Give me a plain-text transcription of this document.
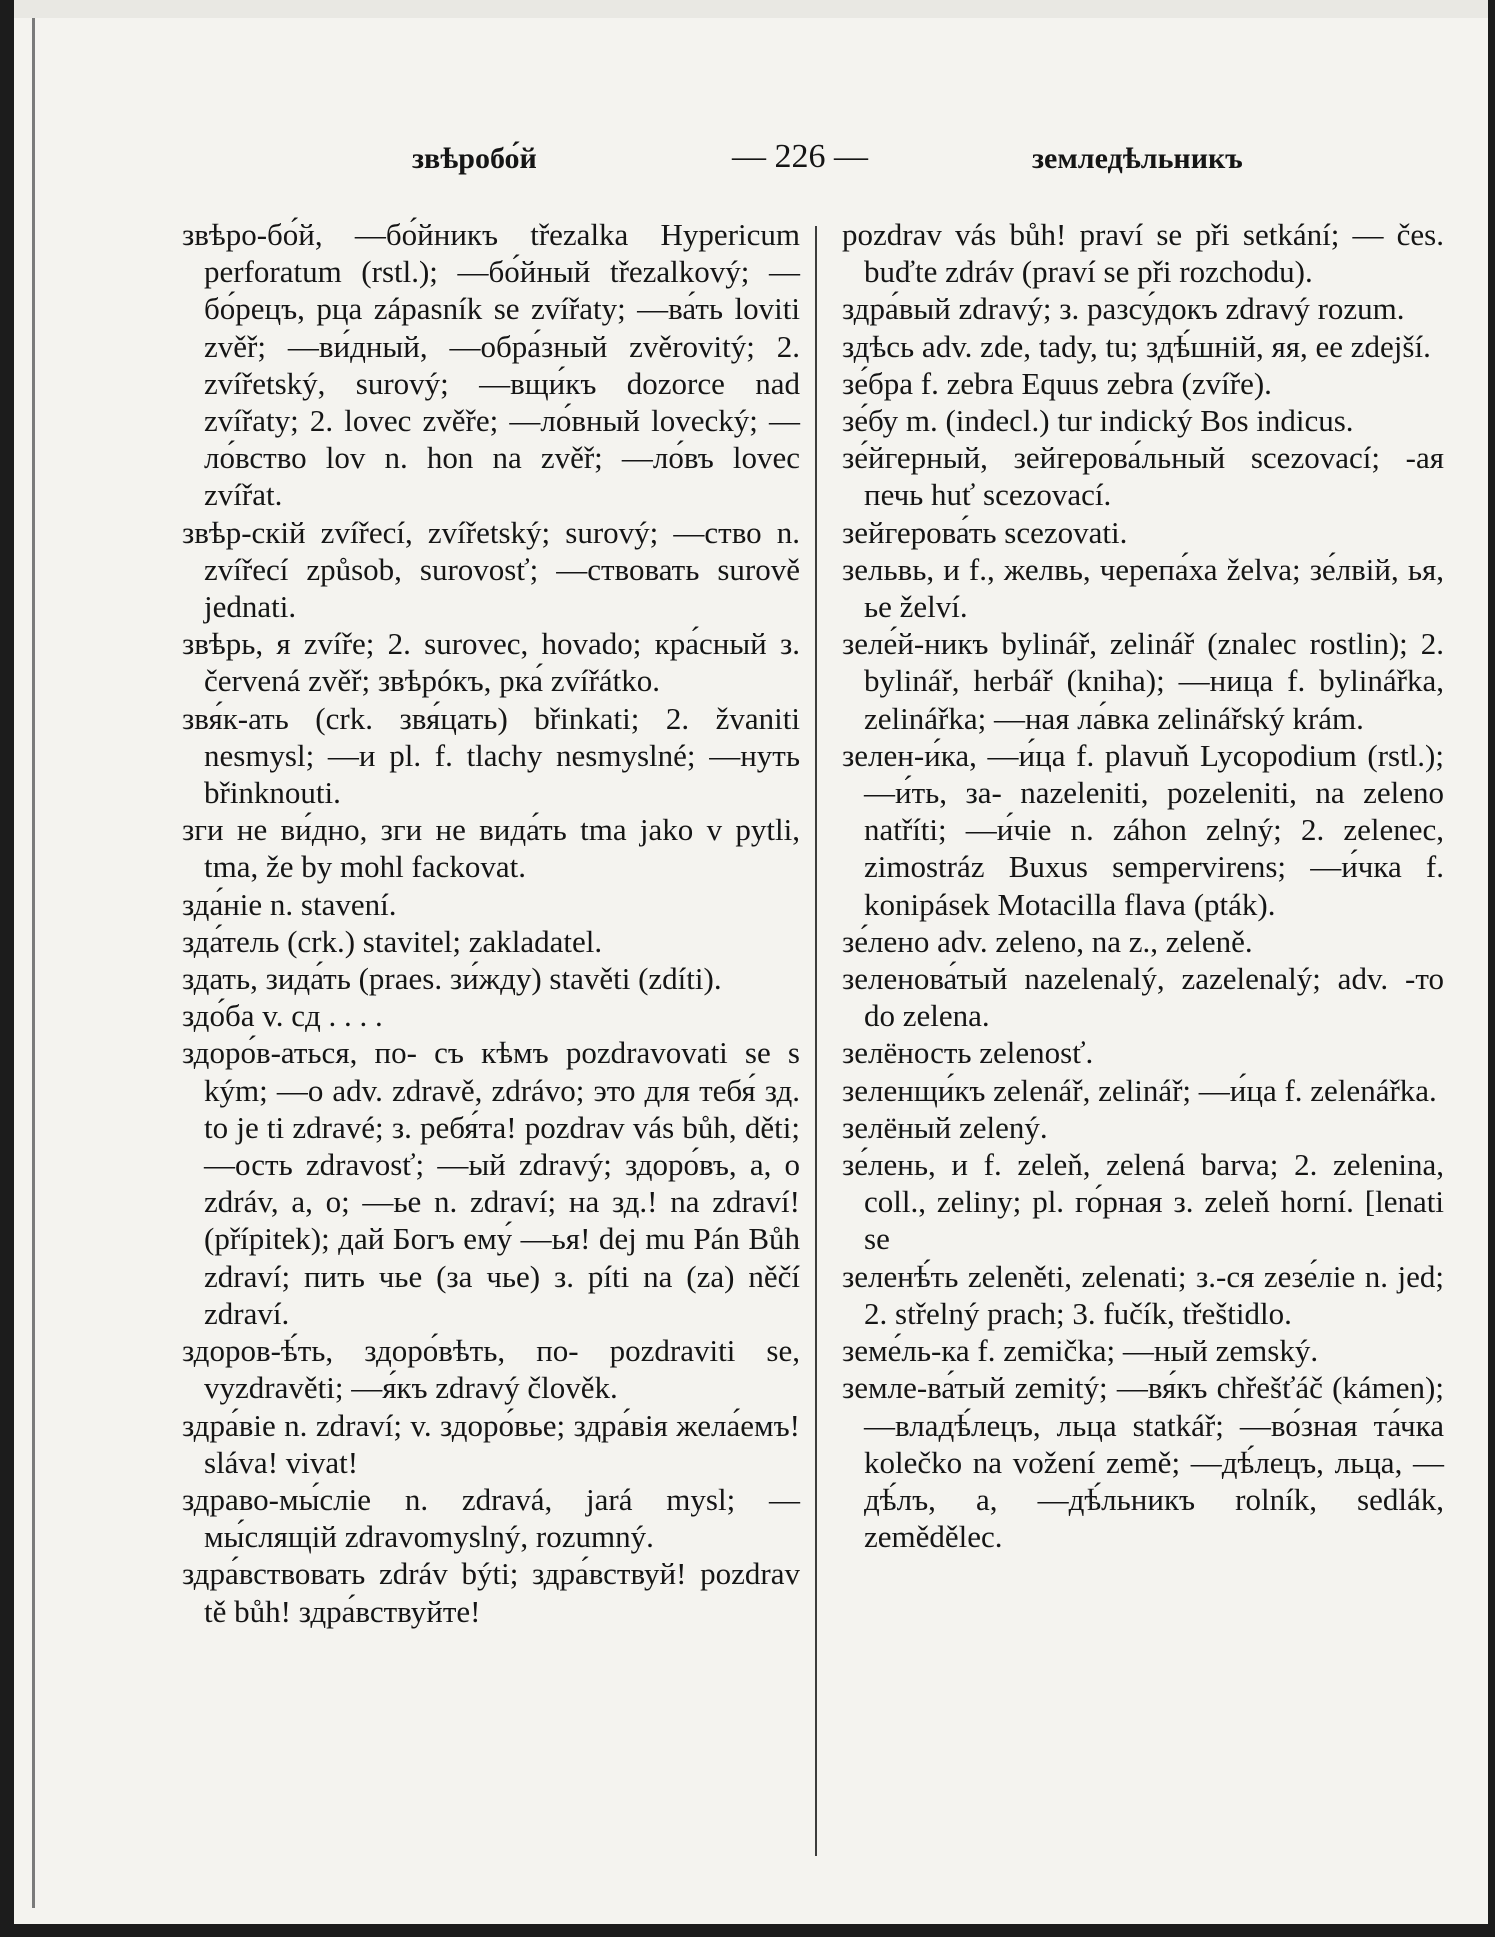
звѣробо́й	— 226 —	земледѣльникъ
звѣро-бо́й, —бо́йникъ třezalka Hypericum perforatum (rstl.); —бо́йный třezalkový; —бо́рецъ, рца zápasník se zvířaty; —ва́ть loviti zvěř; —ви́дный, —обра́зный zvěrovitý; 2. zvířetský, surový; —вщи́къ dozorce nad zvířaty; 2. lovec zvěře; —ло́вный lovecký; —ло́вство lov n. hon na zvěř; —ло́въ lovec zvířat.
звѣр-скій zvířecí, zvířetský; surový; —ство n. zvířecí způsob, surovosť; —ствовать surově jednati.
звѣрь, я zvíře; 2. surovec, hovado; кра́сный з. červená zvěř; звѣрóкъ, рка́ zvířátko.
звя́к-ать (crk. звя́цать) břinkati; 2. žvaniti nesmysl; —и pl. f. tlachy nesmyslné; —нуть břinknouti.
зги не ви́дно, зги не вида́ть tma jako v pytli, tma, že by mohl fackovat.
зда́ніе n. stavení.
зда́тель (crk.) stavitel; zakladatel.
здать, зида́ть (praes. зи́жду) stavěti (zdíti).
здо́ба v. сд . . . .
здоро́в-аться, по- съ кѣмъ pozdravovati se s kým; —о adv. zdravě, zdrávo; это для тебя́ зд. to je ti zdravé; з. ребя́та! pozdrav vás bůh, děti; —ость zdravosť; —ый zdravý; здоро́въ, а, о zdráv, a, o; —ье n. zdraví; на зд.! na zdraví! (přípitek); дай Богъ ему́ —ья! dej mu Pán Bůh zdraví; пить чье (за чье) з. píti na (za) něčí zdraví.
здоров-ѣ́ть, здоро́вѣть, по- pozdraviti se, vyzdravěti; —я́къ zdravý člověk.
здра́віе n. zdraví; v. здоро́вье; здра́вія жела́емъ! sláva! vivat!
здраво-мы́сліе n. zdravá, jará mysl; —мы́слящій zdravomyslný, rozumný.
здра́вствовать zdráv býti; здра́вствуй! pozdrav tě bůh! здра́вствуйте!
pozdrav vás bůh! praví se při setkání; — čes. buďte zdráv (praví se při rozchodu).
здра́вый zdravý; з. разсу́докъ zdravý rozum.
здѣсь adv. zde, tady, tu; здѣ́шній, яя, ее zdejší.
зе́бра f. zebra Equus zebra (zvíře).
зе́бу m. (indecl.) tur indický Bos indicus.
зе́йгерный, зейгерова́льный scezovací; -ая печь huť scezovací.
зейгерова́ть scezovati.
зельвь, и f., желвь, черепа́ха želva; зе́лвій, ья, ье želví.
зеле́й-никъ bylinář, zelinář (znalec rostlin); 2. bylinář, herbář (kniha); —ница f. bylinářka, zelinářka; —ная ла́вка zelinářský krám.
зелен-и́ка, —и́ца f. plavuň Lycopodium (rstl.); —и́ть, за- nazeleniti, pozeleniti, na zeleno natříti; —и́чіе n. záhon zelný; 2. zelenec, zimostráz Buxus sempervirens; —и́чка f. konipásek Motacilla flava (pták).
зе́лено adv. zeleno, na z., zeleně.
зеленова́тый nazelenalý, zazelenalý; adv. -то do zelena.
зелёность zelenosť.
зеленщи́къ zelenář, zelinář; —и́ца f. zelenářka.
зелёный zelený.
зе́лень, и f. zeleň, zelená barva; 2. zelenina, coll., zeliny; pl. го́рная з. zeleň horní. [lenati se
зеленѣ́ть zeleněti, zelenati; з.-ся zeзе́ліе n. jed; 2. střelný prach; 3. fučík, třeštidlo.
земе́ль-ка f. zemička; —ный zemský.
земле-ва́тый zemitý; —вя́къ chřešťáč (kámen); —владѣ́лецъ, льца statkář; —во́зная та́чка kolečko na vožení země; —дѣ́лецъ, льца, —дѣ́лъ, a, —дѣ́льникъ rolník, sedlák, zemědělec.
